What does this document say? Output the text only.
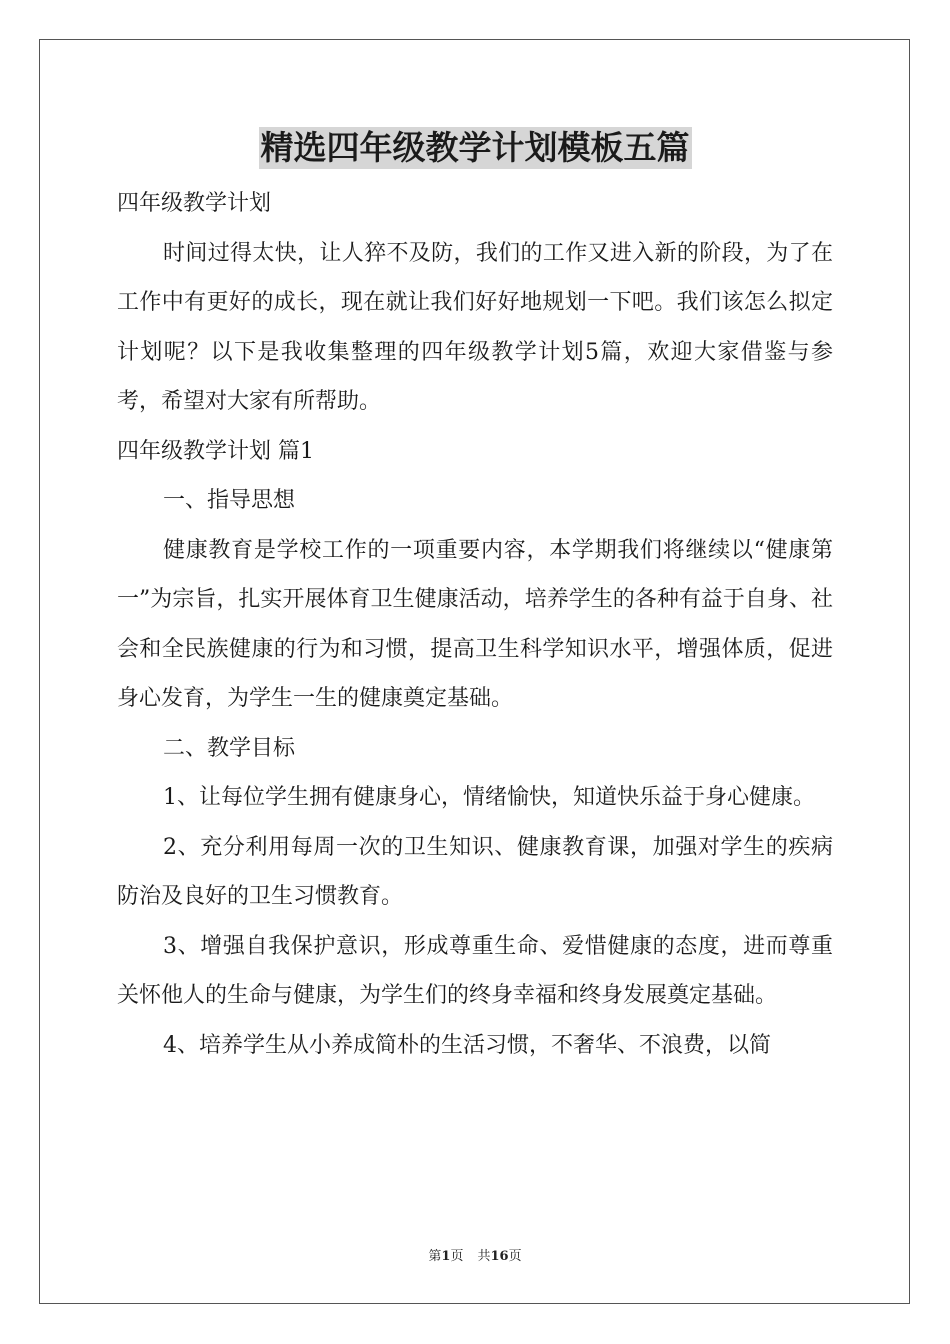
精选四年级教学计划模板五篇

四年级教学计划

时间过得太快，让人猝不及防，我们的工作又进入新的阶段，为了在工作中有更好的成长，现在就让我们好好地规划一下吧。我们该怎么拟定计划呢？以下是我收集整理的四年级教学计划5篇，欢迎大家借鉴与参考，希望对大家有所帮助。

四年级教学计划 篇1

一、指导思想

健康教育是学校工作的一项重要内容，本学期我们将继续以“健康第一”为宗旨，扎实开展体育卫生健康活动，培养学生的各种有益于自身、社会和全民族健康的行为和习惯，提高卫生科学知识水平，增强体质，促进身心发育，为学生一生的健康奠定基础。

二、教学目标

1、让每位学生拥有健康身心，情绪愉快，知道快乐益于身心健康。

2、充分利用每周一次的卫生知识、健康教育课，加强对学生的疾病防治及良好的卫生习惯教育。

3、增强自我保护意识，形成尊重生命、爱惜健康的态度，进而尊重关怀他人的生命与健康，为学生们的终身幸福和终身发展奠定基础。

4、培养学生从小养成简朴的生活习惯，不奢华、不浪费，以简

第1页 共16页
